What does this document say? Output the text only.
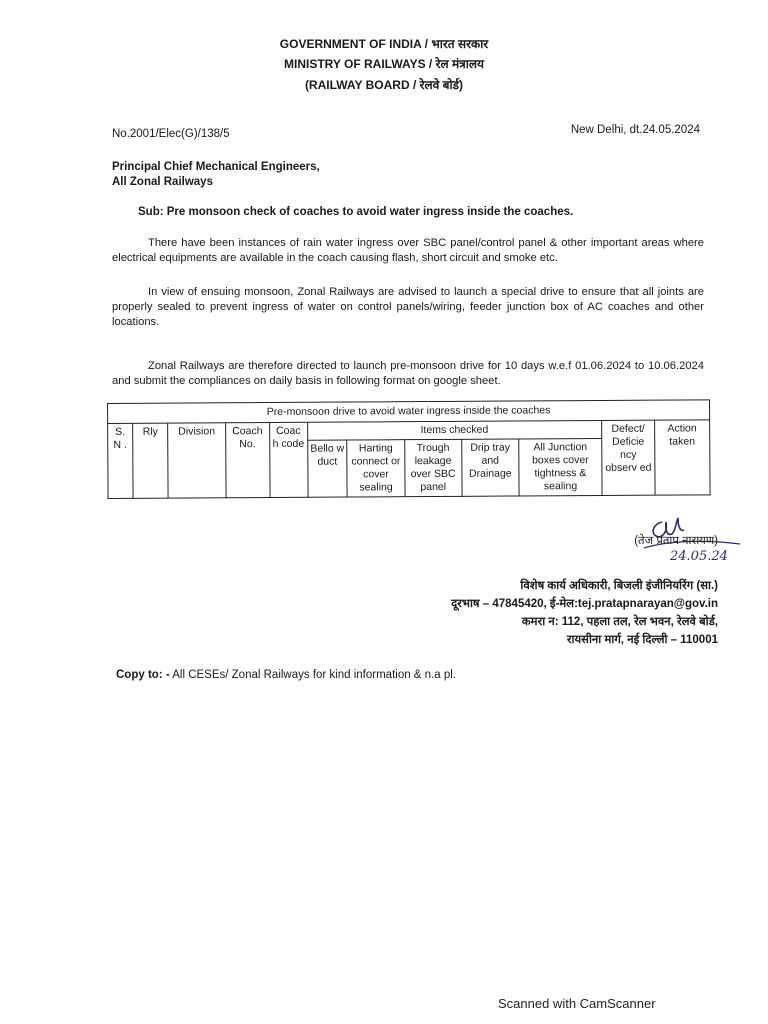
GOVERNMENT OF INDIA / भारत सरकार
MINISTRY OF RAILWAYS / रेल मंत्रालय
(RAILWAY BOARD / रेलवे बोर्ड)
No.2001/Elec(G)/138/5	New Delhi, dt.24.05.2024
Principal Chief Mechanical Engineers,
All Zonal Railways
Sub: Pre monsoon check of coaches to avoid water ingress inside the coaches.
There have been instances of rain water ingress over SBC panel/control panel & other important areas where electrical equipments are available in the coach causing flash, short circuit and smoke etc.
In view of ensuing monsoon, Zonal Railways are advised to launch a special drive to ensure that all joints are properly sealed to prevent ingress of water on control panels/wiring, feeder junction box of AC coaches and other locations.
Zonal Railways are therefore directed to launch pre-monsoon drive for 10 days w.e.f 01.06.2024 to 10.06.2024 and submit the compliances on daily basis in following format on google sheet.
Pre-monsoon drive to avoid water ingress inside the coaches											
S. N .	Rly	Division	Coach No.	Coac h code	Items checked					Defect/ Deficie ncy observ ed	Action taken
					Bello w duct	Harting connect or cover sealing	Trough leakage over SBC panel	Drip tray and Drainage	All Junction boxes cover tightness & sealing		
24.05.24
(तेज प्रताप नारायण)
विशेष कार्य अधिकारी, बिजली इंजीनियरिंग (सा.)
दूरभाष – 47845420, ई-मेल:tej.pratapnarayan@gov.in
कमरा न: 112, पहला तल, रेल भवन, रेलवे बोर्ड,
रायसीना मार्ग, नई दिल्ली – 110001
Copy to: - All CESEs/ Zonal Railways for kind information & n.a pl.
Scanned with CamScanner
